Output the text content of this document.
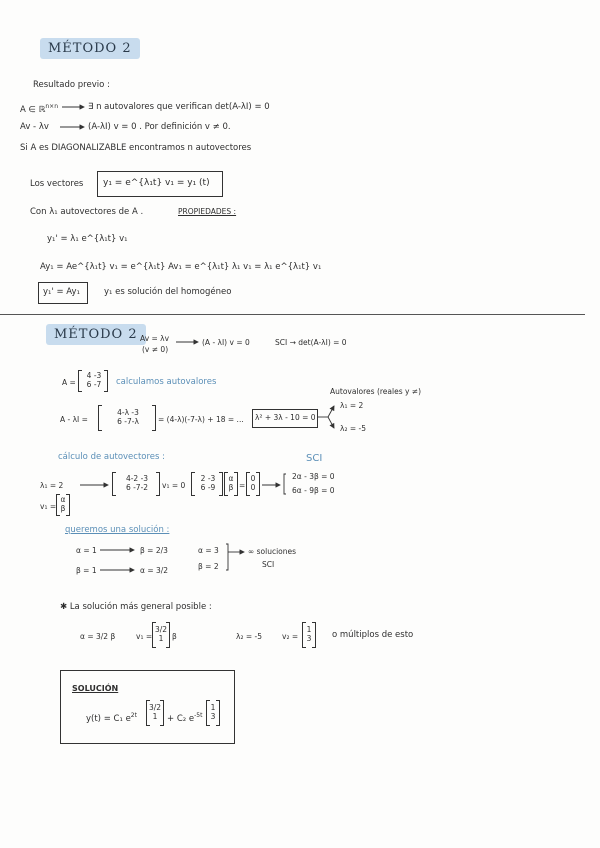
MÉTODO 2
Resultado previo :
A ∈ ℝ$^{n\times n}$	∃ n autovalores que verifican det(A-λI) = 0
Av - λv	(A-λI) v = 0 . Por definición v ≠ 0.
Si A es DIAGONALIZABLE encontramos n autovectores
Los vectores y₁ = e^{λ₁t} v₁ = y₁ (t)
Con λ₁ autovectores de A .	PROPIEDADES :
y₁' = λ₁ e^{λ₁t} v₁
Ay₁ = Ae^{λ₁t} v₁ = e^{λ₁t} Av₁ = e^{λ₁t} λ₁ v₁ = λ₁ e^{λ₁t} v₁
y₁' = Ay₁	y₁ es solución del homogéneo
MÉTODO 2 Av = λv
(v ≠ 0)
(A - λI) v = 0	SCI → det(A-λI) = 0
A =
4 -3
6 -7	calculamos autovalores
Autovalores (reales y ≠)
λ₁ = 2
λ₂ = -5
A - λI =
4-λ -3
6 -7-λ	= (4-λ)(-7-λ) + 18 = ... λ² + 3λ - 10 = 0
cálculo de autovectores :	SCI
λ₁ = 2
4-2 -3
6 -7-2	v₁ = 0
2 -3
6 -9
α
β =
0
0
2α - 3β = 0
6α - 9β = 0
v₁ =
α
β
queremos una solución :
α = 1	β = 2/3
β = 1	α = 3/2
α = 3
β = 2
∞ soluciones
SCI
✱ La solución más general posible :
α = 3/2 β	v₁ =
3/2
1	β	λ₂ = -5	v₂ =
1
3	o múltiplos de esto
SOLUCIÓN
y(t) = C₁ $e^{2t}$
3/2
1	+ C₂ $e^{-5t}$
1
3
